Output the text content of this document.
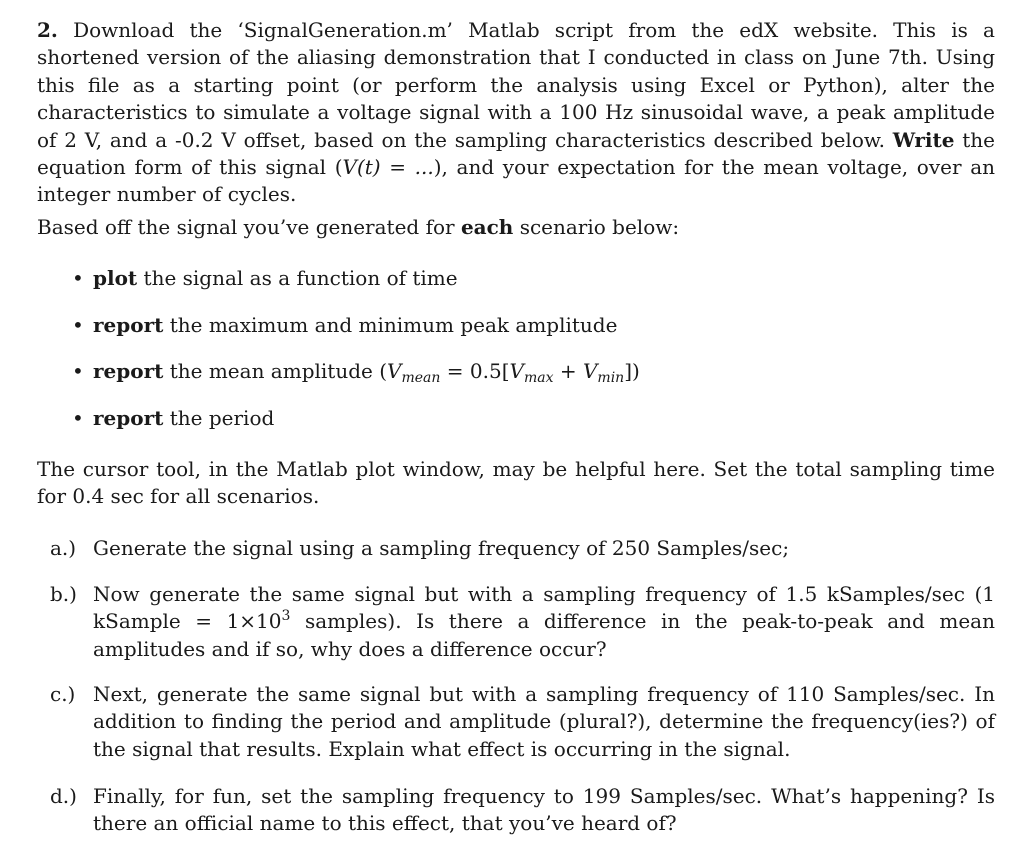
2. Download the ‘SignalGeneration.m’ Matlab script from the edX website. This is a shortened version of the aliasing demonstration that I conducted in class on June 7th. Using this file as a starting point (or perform the analysis using Excel or Python), alter the characteristics to simulate a voltage signal with a 100 Hz sinusoidal wave, a peak amplitude of 2 V, and a -0.2 V offset, based on the sampling characteristics described below. Write the equation form of this signal (V(t) = ...), and your expectation for the mean voltage, over an integer number of cycles.
Based off the signal you’ve generated for each scenario below:
• plot the signal as a function of time
• report the maximum and minimum peak amplitude
• report the mean amplitude $(V_{mean} = 0.5[V_{max} + V_{min}])$
• report the period
The cursor tool, in the Matlab plot window, may be helpful here. Set the total sampling time for 0.4 sec for all scenarios.
a.) Generate the signal using a sampling frequency of 250 Samples/sec;
b.) Now generate the same signal but with a sampling frequency of 1.5 kSamples/sec (1 kSample = $1\times 10^3$ samples). Is there a difference in the peak-to-peak and mean amplitudes and if so, why does a difference occur?
c.) Next, generate the same signal but with a sampling frequency of 110 Samples/sec. In addition to finding the period and amplitude (plural?), determine the frequency(ies?) of the signal that results. Explain what effect is occurring in the signal.
d.) Finally, for fun, set the sampling frequency to 199 Samples/sec. What’s happening? Is there an official name to this effect, that you’ve heard of?
